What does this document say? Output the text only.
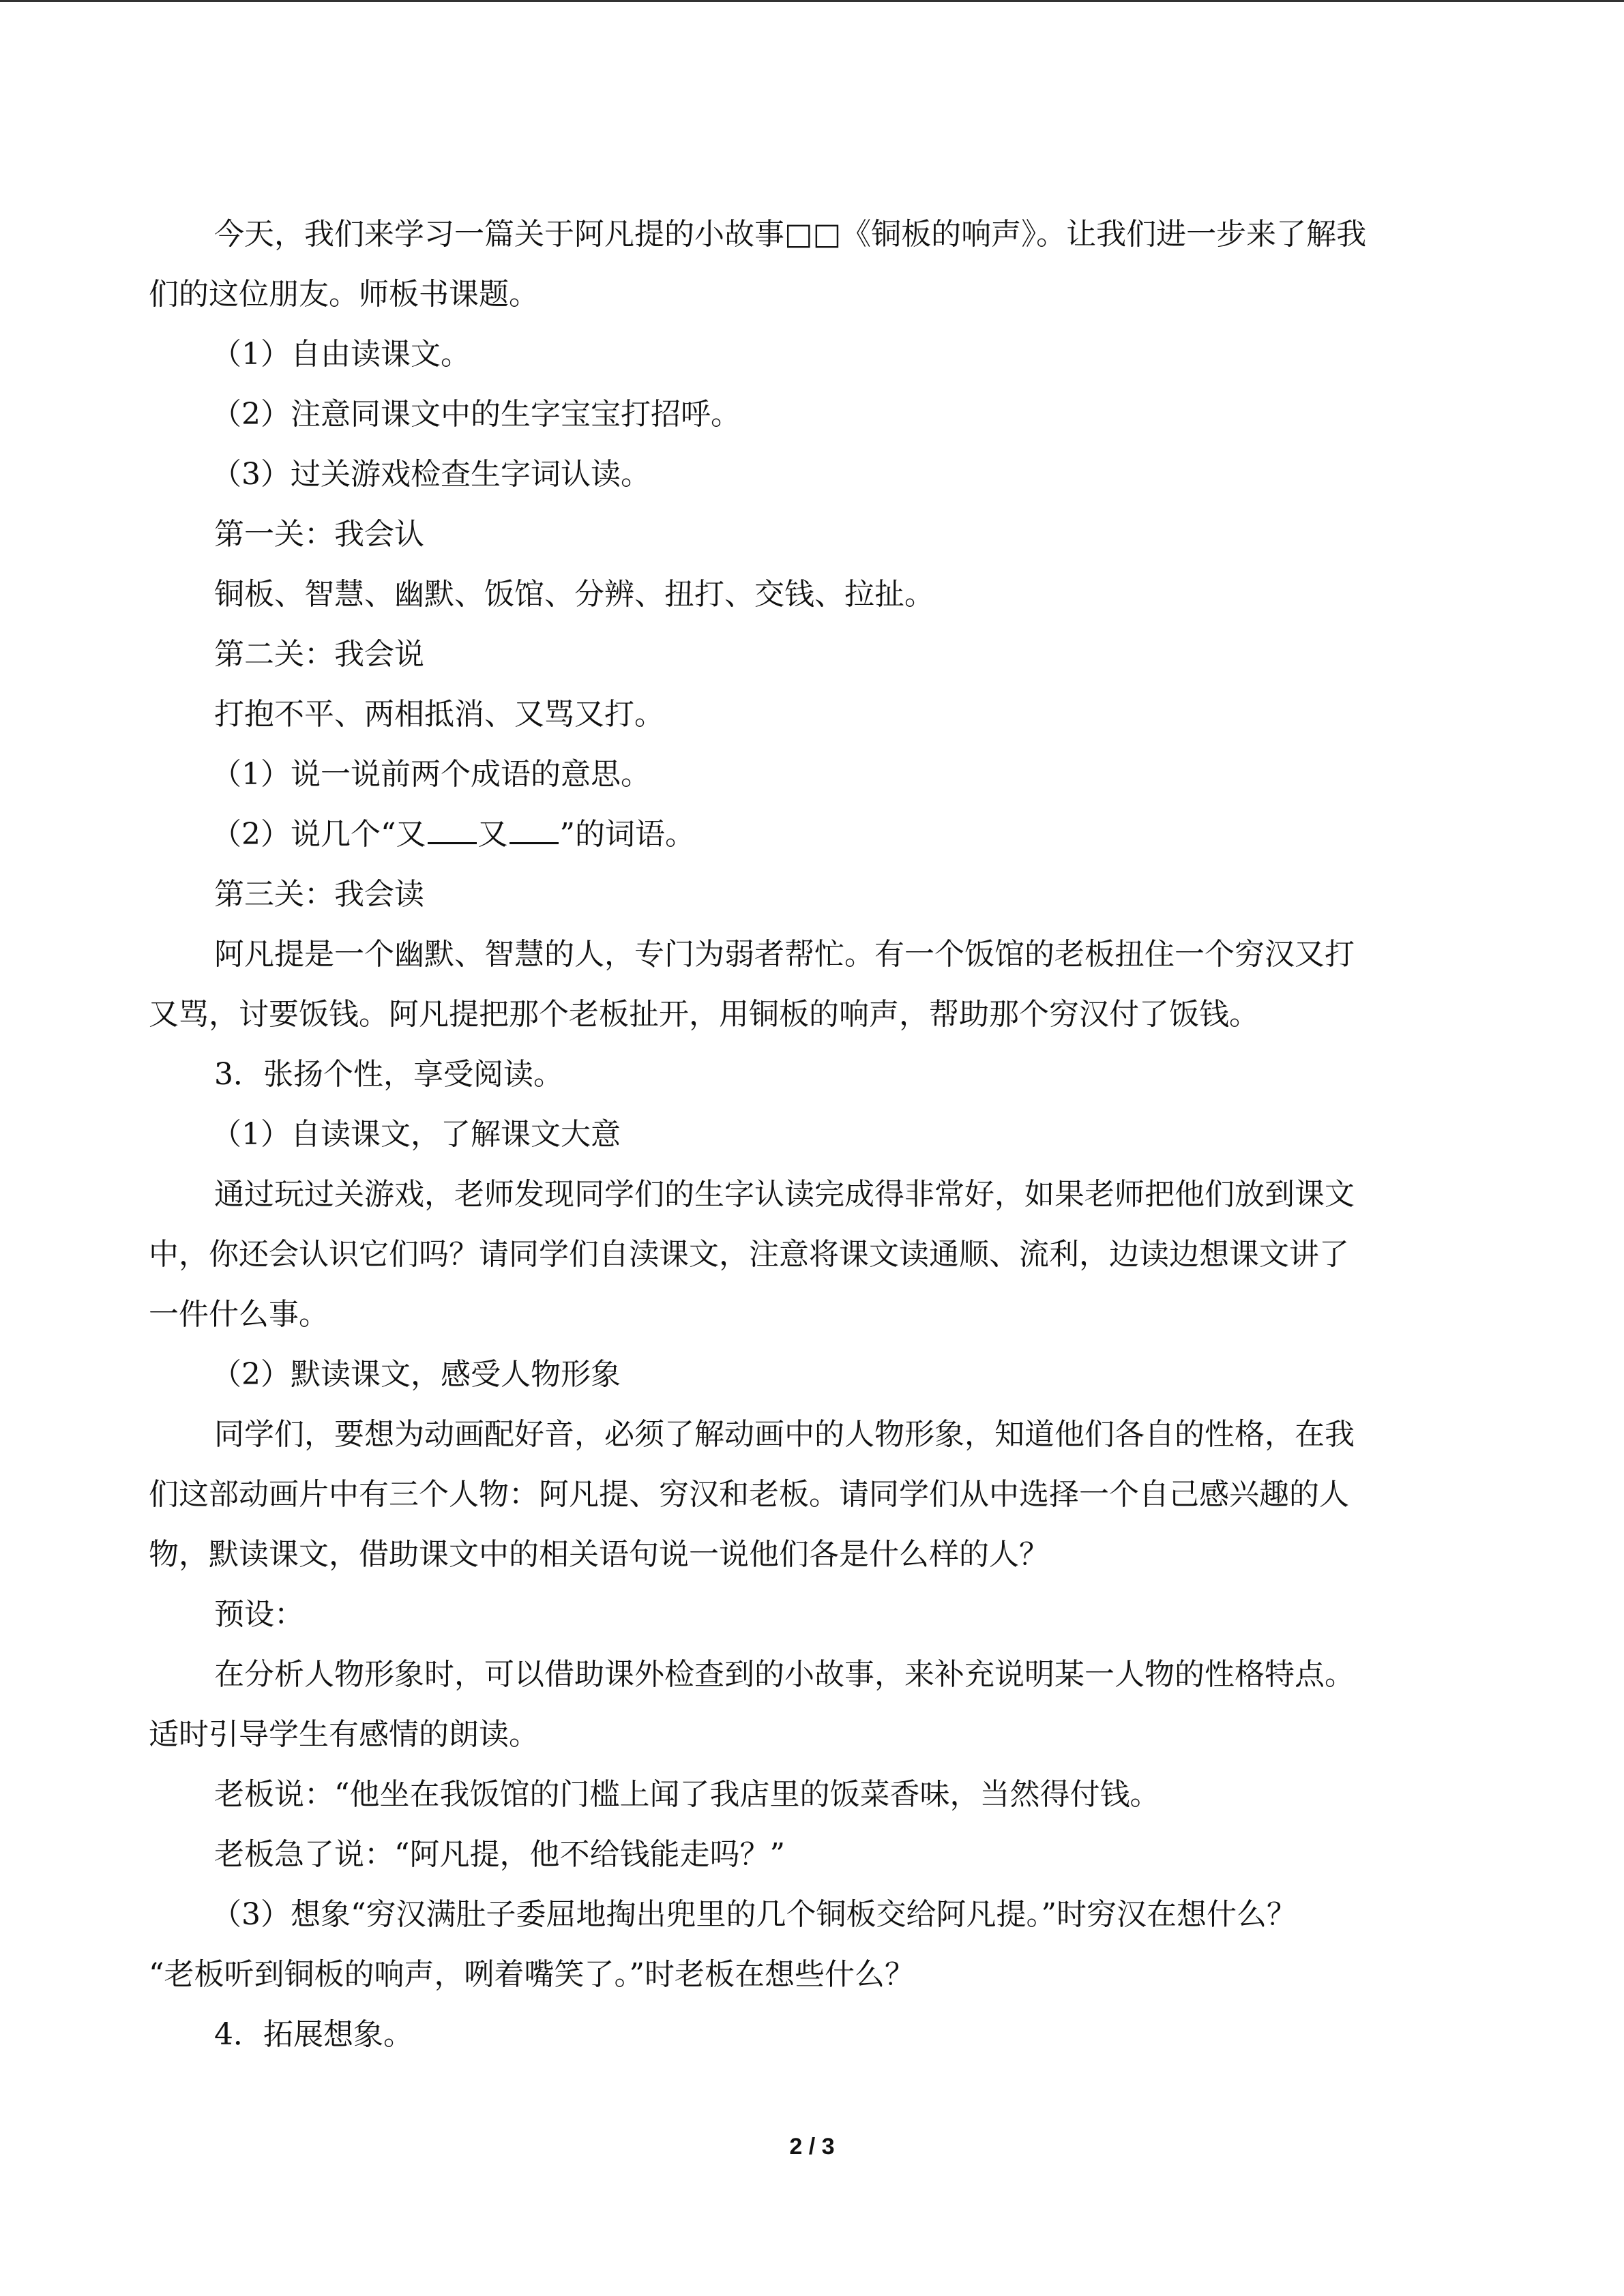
今天，我们来学习一篇关于阿凡提的小故事□□《铜板的响声》。让我们进一步来了解我

们的这位朋友。师板书课题。

（1）自由读课文。

（2）注意同课文中的生字宝宝打招呼。

（3）过关游戏检查生字词认读。

第一关：我会认

铜板、智慧、幽默、饭馆、分辨、扭打、交钱、拉扯。

第二关：我会说

打抱不平、两相抵消、又骂又打。

（1）说一说前两个成语的意思。

（2）说几个“又 又 ”的词语。

第三关：我会读

阿凡提是一个幽默、智慧的人，专门为弱者帮忙。有一个饭馆的老板扭住一个穷汉又打

又骂，讨要饭钱。阿凡提把那个老板扯开，用铜板的响声，帮助那个穷汉付了饭钱。

3．张扬个性，享受阅读。

（1）自读课文，了解课文大意

通过玩过关游戏，老师发现同学们的生字认读完成得非常好，如果老师把他们放到课文

中，你还会认识它们吗？请同学们自渎课文，注意将课文读通顺、流利，边读边想课文讲了

一件什么事。

（2）默读课文，感受人物形象

同学们，要想为动画配好音，必须了解动画中的人物形象，知道他们各自的性格，在我

们这部动画片中有三个人物：阿凡提、穷汉和老板。请同学们从中选择一个自己感兴趣的人

物，默读课文，借助课文中的相关语句说一说他们各是什么样的人？

预设：

在分析人物形象时，可以借助课外检查到的小故事，来补充说明某一人物的性格特点。

适时引导学生有感情的朗读。

老板说：“他坐在我饭馆的门槛上闻了我店里的饭菜香味，当然得付钱。

老板急了说：“阿凡提，他不给钱能走吗？”

（3）想象“穷汉满肚子委屈地掏出兜里的几个铜板交给阿凡提。”时穷汉在想什么？

“老板听到铜板的响声，咧着嘴笑了。”时老板在想些什么？

4．拓展想象。

2 / 3
